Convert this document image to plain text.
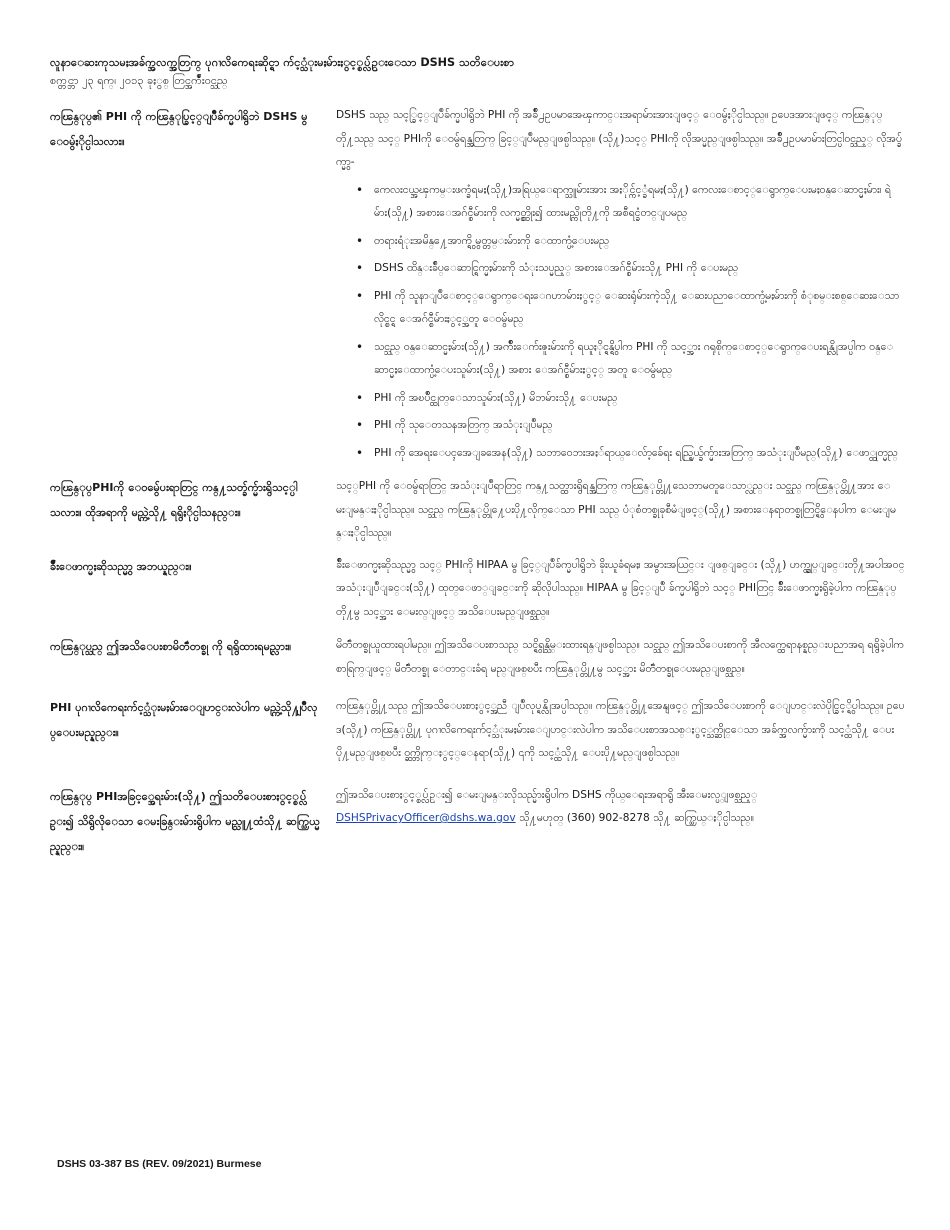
လူနာေဆးကုသမႈအခ်က္အလက္အတြက္ ပုဂၢလိကေရးဆိုင္ရာ က်င့္သံုးမႈမ်ားႏွင့္စပ္လ်ဥ္းေသာ DSHS သတိေပးစာ

စက္တင္ဘာ ၂၃ ရက္၊ ၂၀၁၃ ခုႏွစ္ တြင္အက်ဳံးဝင္သည္

ကၽြန္ုပ္၏ PHI ကို ကၽြန္ုပ္ခြင့္ျပဳခ်က္မပါရွိဘဲ DSHS မွ ေဝမွ်ႏိုင္ပါသလား။

DSHS သည္ သင့္ခြင့္ျပဳခ်က္မပါရွိဘဲ PHI ကို အခ်ိဳ႕ဥပမာအေၾကာင္းအရာမ်ားအားျဖင့္ ေဝမွ်ႏိုင္ပါသည္။ ဥပေဒအားျဖင့္ ကၽြန္ုပ္တို႔သည္ သင့္ PHIကို ေဝမွ်ရန္အတြက္ ခြင့္ျပဳမည္ျဖစ္ပါသည္။ (သို႔)သင့္ PHIကို လိုအပ္မည္ျဖစ္ပါသည္။ အခ်ိဳ႕ဥပမာမ်ားတြင္ပါဝင္သည့္ လိုအပ္ခ်က္မွာ-

• ကေလးငယ္အၾကမ္းဖက္ခံရမႈ(သို႔)အရြယ္ေရာက္သူမ်ားအား အႏိုင္က်င့္ခံရမႈ(သို႔) ကေလးေစာင့္ေရွာက္ေပးမႈဝန္ေဆာင္မႈမ်ား၊ ရဲမ်ား(သို႔) အစားေအဂ်င္စီမ်ားကို လက္မွတ္ထိုး၍ ထားမည္ကိုတို႔ကို အစီရင္ခံတင္ျပမည္
• တရားရံုးအမိန္႔ေအာက္ရွိ မွတ္တမ္းမ်ားကို ေထာက္ပံ့ေပးမည္
• DSHS ထိန္းခ်ဳပ္ေဆာင္ရြက္မႈမ်ားကို သံုးသပ္မည့္ အစားေအဂ်င္စီမ်ားသို႔ PHI ကို ေပးမည္
• PHI ကို သူနာျပဳေစာင့္ေရွာက္ေရးေဂဟာမ်ားႏွင့္ ေဆးရုံမ်ားကဲ့သို႔ ေဆးပညာေထာက္ပံ့မႈမ်ားကို စံုစမ္းစစ္ေဆးေသာ လိုင္စင္ရ ေအဂ်င္စီမ်ားႏွင့္အတူ ေဝမွ်မည္
• သင္သည္ ဝန္ေဆာင္မႈမ်ား(သို႔) အက်ိဳးေက်းဇူးမ်ားကို ရယူႏိုင္ရန္ရွိပါက PHI ကို သင့္အား ဂရုစိုက္ေစာင့္ေရွာက္ေပးရန္လိုအပ္ပါက ဝန္ေဆာင္မႈေထာက္ပံ့ေပးသူမ်ား(သို႔) အစား ေအဂ်င္စီမ်ားႏွင့္ အတူ ေဝမွ်မည္
• PHI ကို အၿပိဳင္ထုတ္ေသာသူမ်ား(သို႔) မိဘမ်ားသို႔ ေပးမည္
• PHI ကို သုေတသနအတြက္ အသံုးျပဳမည္
• PHI ကို အေရးေပၚအေျခအေန(သို႔) သဘာဝေဘးအႏၲရာယ္ေလ်ာ့ခ်ေရး ရည္ရြယ္ခ်က္မ်ားအတြက္ အသံုးျပဳမည္(သို႔) ေဖာ္ထုတ္မည္
ကၽြန္ုပ္PHIကို ေဝမွ်ေပးရာတြင္ ကန္႔သတ္ခ်က္မ်ားရွိသင့္ပါသလား။ ထိုအရာကို မည္ကဲ့သို႔ ရရွိႏိုင္ပါသနည္း။

သင့္PHI ကို ေဝမွ်ရာတြင္ အသံုးျပဳရာတြင္ ကန္႔သတ္ထားရွိရန္အတြက္ ကၽြန္ုပ္တို႔သေဘာမတူေသာ္လည္း သင္သည္ ကၽြန္ုပ္တို႔အား ေမးျမန္းႏိုင္ပါသည္။ သင္သည္ ကၽြန္ုပ္တို႔ေပးပို႔လိုက္ေသာ PHI သည္ ပံုစံတစ္ခုခုစီမံျဖင့္(သို႔) အစားေနရာတစ္ခုတြင္ရွိေနပါက ေမးျမန္းႏိုင္ပါသည္။

ခ်ိဳးေဖာက္မႈဆိုသည္မွာ အဘယ္နည္း။	ခ်ိဳးေဖာက္မႈဆိုသည္မွာ သင့္ PHIကို HIPAA မွ ခြင့္ျပဳခ်က္မပါရွိဘဲ ခိုးယူခံရမႈ၊ အမွားအယြင္း ျဖစ္ျခင္း (သို႔) ဟက္ခ္လုပ္ျခင္းတို႔အပါအဝင္ အသံုးျပဳျခင္း(သို႔) ထုတ္ေဖာ္ျခင္းကို ဆိုလိုပါသည္။ HIPAA မွ ခြင့္ျပဳ ခ်က္မပါရွိဘဲ သင့္ PHIတြင္ ခ်ိဳးေဖာက္မႈရွိခဲ့ပါက ကၽြန္ုပ္တို႔မွ သင့္အား ေမးလ္ျဖင့္ အသိေပးမည္ျဖစ္သည္။

ကၽြန္ုပ္သည္ ဤအသိေပးစာမိတၱဴတစ္ခု ကို ရရွိထားရမည္လား။	မိတၱဴတစ္ခုယူထားရပါမည္။ ဤအသိေပးစာသည္ သင္ရွိရန္သိမ္းထားရန္ျဖစ္ပါသည္။ သင္သည္ ဤအသိေပးစာကို အီလက္ထေရာနစ္နည္းပညာအရ ရရွိခဲ့ပါက စာရြက္ျဖင့္ မိတၱဴတစ္ခု ေတာင္းခံရ မည္ျဖစ္ၿပီး ကၽြန္ုပ္တို႔မွ သင့္အား မိတၱဴတစ္ခုေပးမည္ျဖစ္သည္။

PHI ပုဂၢလိကေရးက်င့္သံုးမႈမ်ားေျပာင္းလဲပါက မည္ကဲ့သို႔ျပဳလုပ္ေပးမည္နည္း။

ကၽြန္ုပ္တို႔သည္ ဤအသိေပးစာႏွင့္အညီ ျပဳလုပ္ရန္လိုအပ္ပါသည္။ ကၽြန္ုပ္တို႔အေနျဖင့္ ဤအသိေပးစာကို ေျပာင္းလဲပိုင္ခြင့္ရွိပါသည္။ ဥပေဒ(သို႔) ကၽြန္ုပ္တို႔ ပုဂၢလိကေရးက်င့္သံုးမႈမ်ားေျပာင္းလဲပါက အသိေပးစာအသစ္ႏွင့္သက္ဆိုင္ေသာ အခ်က္အလက္မ်ားကို သင့္ထံသို႔ ေပးပို႔မည္ျဖစ္ၿပီး ဝက္ဘ္ဆိုက္ႏွင့္ေနရာ(သို႔) ၎ကို သင့္ထံသို႔ ေပးပို႔မည္ျဖစ္ပါသည္။

ကၽြန္ုပ္ PHIအခြင့္အေရးမ်ား(သို႔) ဤသတိေပးစာႏွင့္စပ္လ်ဥ္း၍ သိရွိလိုေသာ ေမးခြန္းမ်ားရွိပါက မည္သူ႔ထံသို႔ ဆက္သြယ္မည္နည္း။

ဤအသိေပးစာႏွင့္စပ္လ်ဥ္း၍ ေမးျမန္းလိုသည္မ်ားရွိပါက DSHS ကိုယ္ေရးအရာရွိ အီးေမးလ္ပ္ျဖစ္သည့္
DSHSPrivacyOfficer@dshs.wa.gov သို႔မဟုတ္ (360) 902-8278 သို႔ ဆက္သြယ္ႏိုင္ပါသည္။

DSHS 03-387 BS (REV. 09/2021) Burmese
